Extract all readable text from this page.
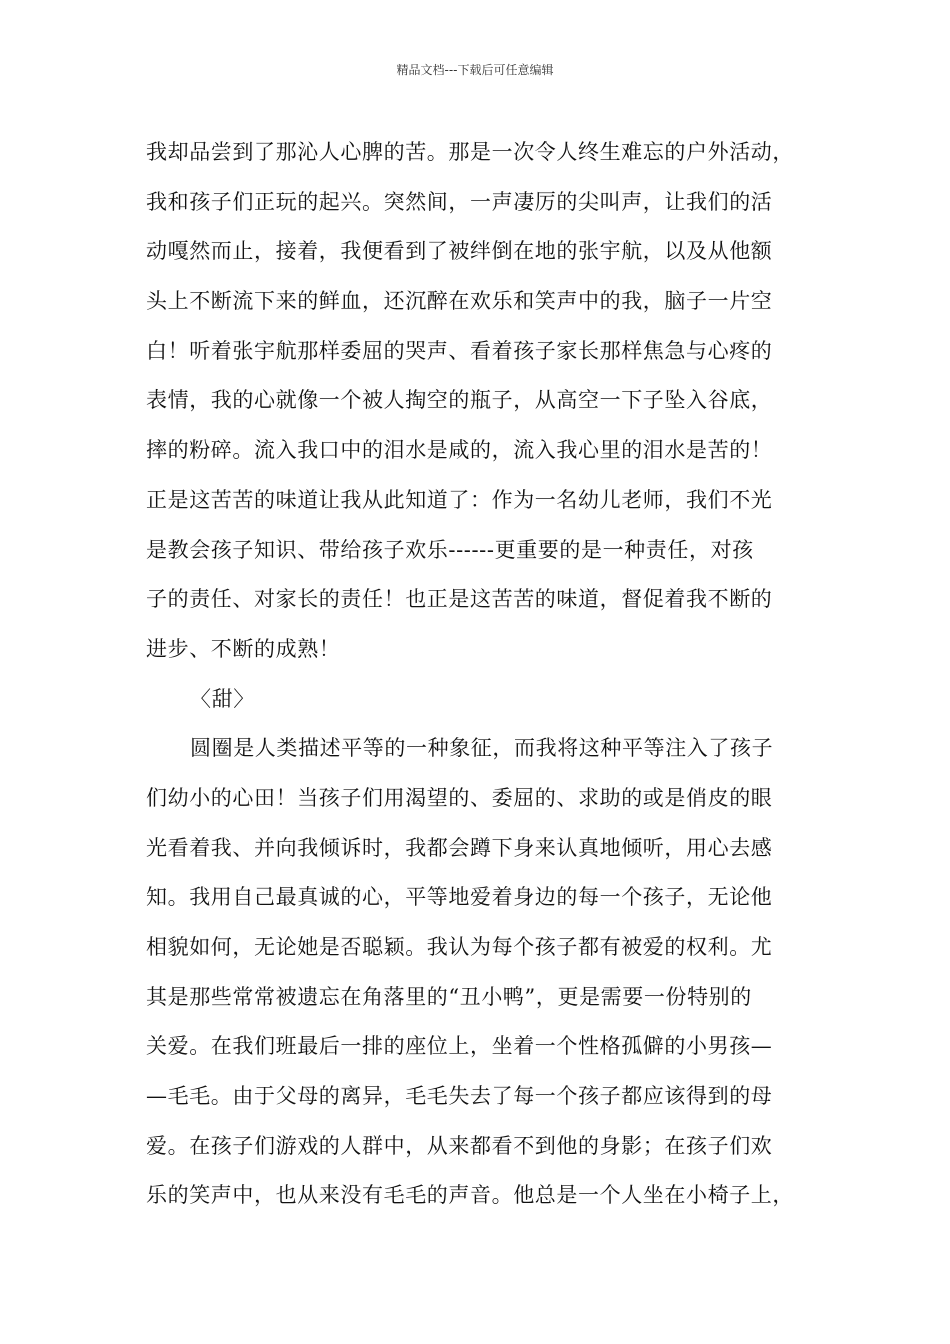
精品文档---下载后可任意编辑
我却品尝到了那沁人心脾的苦。那是一次令人终生难忘的户外活动，
我和孩子们正玩的起兴。突然间，一声凄厉的尖叫声，让我们的活
动嘎然而止，接着，我便看到了被绊倒在地的张宇航，以及从他额
头上不断流下来的鲜血，还沉醉在欢乐和笑声中的我，脑子一片空
白！听着张宇航那样委屈的哭声、看着孩子家长那样焦急与心疼的
表情，我的心就像一个被人掏空的瓶子，从高空一下子坠入谷底，
摔的粉碎。流入我口中的泪水是咸的，流入我心里的泪水是苦的！
正是这苦苦的味道让我从此知道了：作为一名幼儿老师，我们不光
是教会孩子知识、带给孩子欢乐------更重要的是一种责任，对孩
子的责任、对家长的责任！也正是这苦苦的味道，督促着我不断的
进步、不断的成熟！
〈甜〉
圆圈是人类描述平等的一种象征，而我将这种平等注入了孩子
们幼小的心田！当孩子们用渴望的、委屈的、求助的或是俏皮的眼
光看着我、并向我倾诉时，我都会蹲下身来认真地倾听，用心去感
知。我用自己最真诚的心，平等地爱着身边的每一个孩子，无论他
相貌如何，无论她是否聪颖。我认为每个孩子都有被爱的权利。尤
其是那些常常被遗忘在角落里的“丑小鸭”，更是需要一份特别的
关爱。在我们班最后一排的座位上，坐着一个性格孤僻的小男孩—
—毛毛。由于父母的离异，毛毛失去了每一个孩子都应该得到的母
爱。在孩子们游戏的人群中，从来都看不到他的身影；在孩子们欢
乐的笑声中，也从来没有毛毛的声音。他总是一个人坐在小椅子上，
